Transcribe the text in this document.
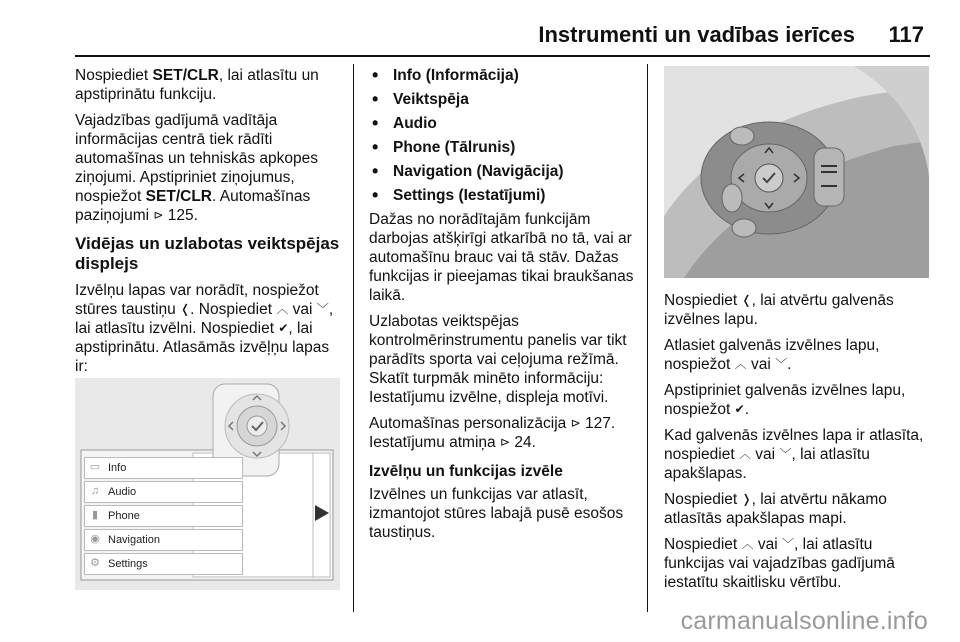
Instrumenti un vadības ierīces 117

Nospiediet SET/CLR, lai atlasītu un apstiprinātu funkciju.

Vajadzības gadījumā vadītāja informācijas centrā tiek rādīti automašīnas un tehniskās apkopes ziņojumi. Apstipriniet ziņojumus, nospiežot SET/CLR. Automašīnas paziņojumi ⊳ 125.

Vidējas un uzlabotas veiktspējas displejs

Izvēlņu lapas var norādīt, nospiežot stūres taustiņu ❬. Nospiediet ︿ vai ﹀, lai atlasītu izvēlni. Nospiediet ✔, lai apstiprinātu. Atlasāmās izvēļņu lapas ir:

▭ Info
♫ Audio
▮ Phone
◉ Navigation
⚙ Settings
• Info (Informācija)
• Veiktspēja
• Audio
• Phone (Tālrunis)
• Navigation (Navigācija)
• Settings (Iestatījumi)

Dažas no norādītajām funkcijām darbojas atšķirīgi atkarībā no tā, vai ar automašīnu brauc vai tā stāv. Dažas funkcijas ir pieejamas tikai braukšanas laikā.

Uzlabotas veiktspējas kontrolmērinstrumentu panelis var tikt parādīts sporta vai ceļojuma režīmā. Skatīt turpmāk minēto informāciju: Iestatījumu izvēlne, displeja motīvi.

Automašīnas personalizācija ⊳ 127.
Iestatījumu atmiņa ⊳ 24.

Izvēlņu un funkcijas izvēle

Izvēlnes un funkcijas var atlasīt, izmantojot stūres labajā pusē esošos taustiņus.

Nospiediet ❬, lai atvērtu galvenās izvēlnes lapu.

Atlasiet galvenās izvēlnes lapu, nospiežot ︿ vai ﹀.

Apstipriniet galvenās izvēlnes lapu, nospiežot ✔.

Kad galvenās izvēlnes lapa ir atlasīta, nospiediet ︿ vai ﹀, lai atlasītu apakšlapas.

Nospiediet ❭, lai atvērtu nākamo atlasītās apakšlapas mapi.

Nospiediet ︿ vai ﹀, lai atlasītu funkcijas vai vajadzības gadījumā iestatītu skaitlisku vērtību.

carmanualsonline.info
